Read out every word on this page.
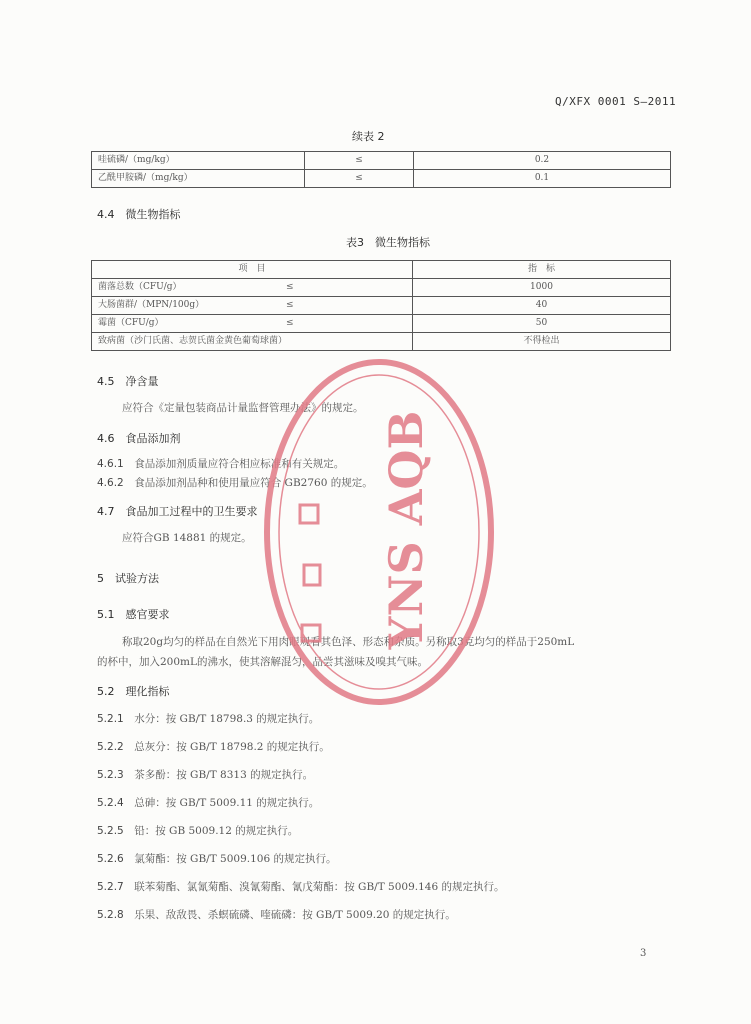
Q/XFX 0001 S—2011
续表 2
哇硫磷/（mg/kg）	≤	0.2
乙酰甲胺磷/（mg/kg）	≤	0.1
4.4　 微生物指标
表3　微生物指标
项　目		指　标
菌落总数（CFU/g）	≤	1000
大肠菌群/（MPN/100g）	≤	40
霉菌（CFU/g）	≤	50
致病菌（沙门氏菌、志贺氏菌金黄色葡萄球菌）		不得检出
4.5　 净含量
应符合《定量包装商品计量监督管理办法》的规定。
4.6　 食品添加剂
4.6.1　 食品添加剂质量应符合相应标准和有关规定。
4.6.2　 食品添加剂品种和使用量应符合 GB2760 的规定。
4.7　 食品加工过程中的卫生要求
应符合GB 14881 的规定。
5　 试验方法
5.1　 感官要求
称取20g均匀的样品在自然光下用肉眼观看其色泽、形态和杂质。另称取3克均匀的样品于250mL
的杯中，加入200mL的沸水，使其溶解混匀，品尝其滋味及嗅其气味。
5.2　 理化指标
5.2.1　 水分：按 GB/T 18798.3 的规定执行。
5.2.2　 总灰分：按 GB/T 18798.2 的规定执行。
5.2.3　 茶多酚：按 GB/T 8313 的规定执行。
5.2.4　 总砷：按 GB/T 5009.11 的规定执行。
5.2.5　 铅：按 GB 5009.12 的规定执行。
5.2.6　 氯菊酯：按 GB/T 5009.106 的规定执行。
5.2.7　 联苯菊酯、氯氰菊酯、溴氰菊酯、氰戊菊酯：按 GB/T 5009.146 的规定执行。
5.2.8　 乐果、敌敌畏、杀螟硫磷、喹硫磷：按 GB/T 5009.20 的规定执行。
3
YNS AQB
